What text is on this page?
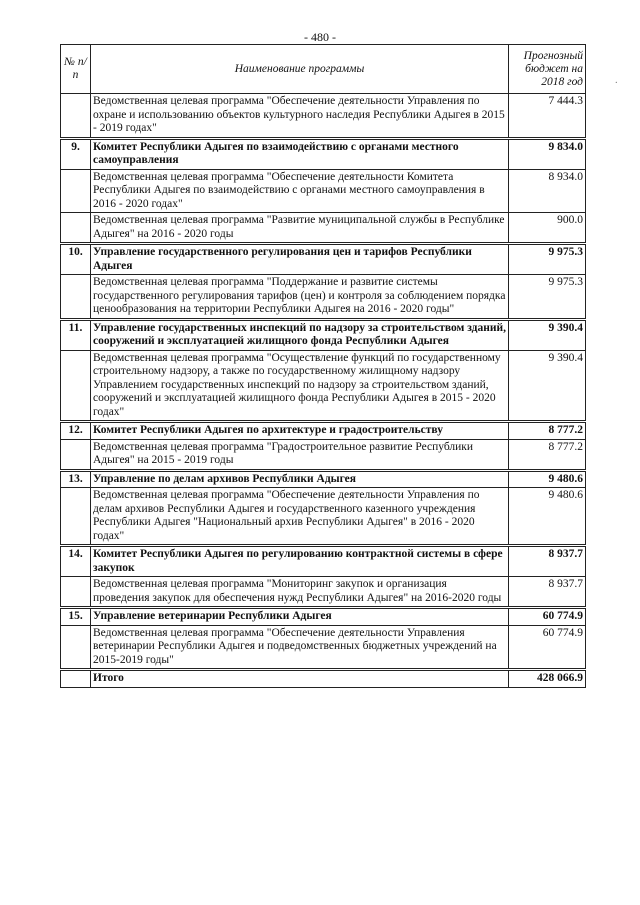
- 480 -
·
№ п/п	Наименование программы	Прогнозный бюджет на 2018 год
	Ведомственная целевая программа "Обеспечение деятельности Управления по охране и использованию объектов культурного наследия Республики Адыгея в 2015 - 2019 годах"	7 444.3
9.	Комитет Республики Адыгея по взаимодействию с органами местного самоуправления	9 834.0
	Ведомственная целевая программа "Обеспечение деятельности Комитета Республики Адыгея по взаимодействию с органами местного самоуправления в 2016 - 2020 годах"	8 934.0
	Ведомственная целевая программа "Развитие муниципальной службы в Республике Адыгея" на 2016 - 2020 годы	900.0
10.	Управление государственного регулирования цен и тарифов Республики Адыгея	9 975.3
	Ведомственная целевая программа "Поддержание и развитие системы государственного регулирования тарифов (цен) и контроля за соблюдением порядка ценообразования на территории Республики Адыгея на 2016 - 2020 годы"	9 975.3
11.	Управление государственных инспекций по надзору за строительством зданий, сооружений и эксплуатацией жилищного фонда Республики Адыгея	9 390.4
	Ведомственная целевая программа "Осуществление функций по государственному строительному надзору, а также по государственному жилищному надзору Управлением государственных инспекций по надзору за строительством зданий, сооружений и эксплуатацией жилищного фонда Республики Адыгея в 2015 - 2020 годах"	9 390.4
12.	Комитет Республики Адыгея по архитектуре и градостроительству	8 777.2
	Ведомственная целевая программа "Градостроительное развитие Республики Адыгея" на 2015 - 2019 годы	8 777.2
13.	Управление по делам архивов Республики Адыгея	9 480.6
	Ведомственная целевая программа "Обеспечение деятельности Управления по делам архивов Республики Адыгея и государственного казенного учреждения Республики Адыгея "Национальный архив Республики Адыгея" в 2016 - 2020 годах"	9 480.6
14.	Комитет Республики Адыгея по регулированию контрактной системы в сфере закупок	8 937.7
	Ведомственная целевая программа "Мониторинг закупок и организация проведения закупок для обеспечения нужд Республики Адыгея" на 2016-2020 годы	8 937.7
15.	Управление ветеринарии Республики Адыгея	60 774.9
	Ведомственная целевая программа "Обеспечение деятельности Управления ветеринарии Республики Адыгея и подведомственных бюджетных учреждений на 2015-2019 годы"	60 774.9
	Итого	428 066.9
